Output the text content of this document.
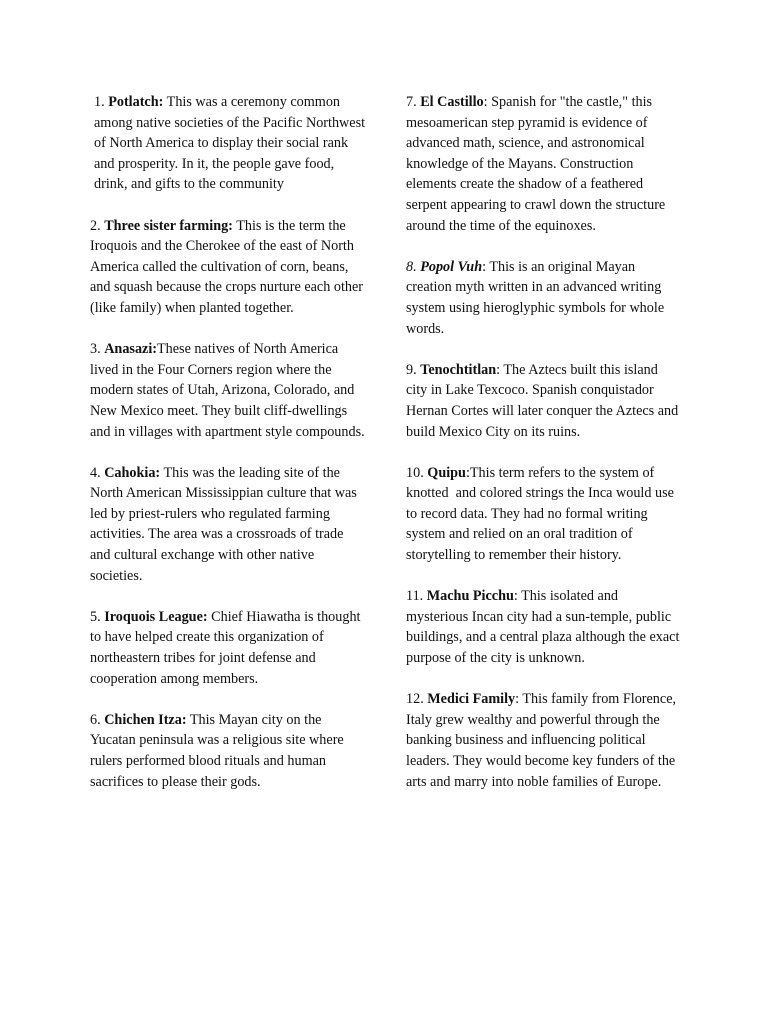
1. Potlatch: This was a ceremony common among native societies of the Pacific Northwest of North America to display their social rank and prosperity. In it, the people gave food, drink, and gifts to the community

2. Three sister farming: This is the term the Iroquois and the Cherokee of the east of North America called the cultivation of corn, beans, and squash because the crops nurture each other (like family) when planted together.

3. Anasazi:These natives of North America lived in the Four Corners region where the modern states of Utah, Arizona, Colorado, and New Mexico meet. They built cliff-dwellings and in villages with apartment style compounds.

4. Cahokia: This was the leading site of the North American Mississippian culture that was led by priest-rulers who regulated farming activities. The area was a crossroads of trade and cultural exchange with other native societies.

5. Iroquois League: Chief Hiawatha is thought to have helped create this organization of northeastern tribes for joint defense and cooperation among members.

6. Chichen Itza: This Mayan city on the Yucatan peninsula was a religious site where rulers performed blood rituals and human sacrifices to please their gods.

7. El Castillo: Spanish for "the castle," this mesoamerican step pyramid is evidence of advanced math, science, and astronomical knowledge of the Mayans. Construction elements create the shadow of a feathered serpent appearing to crawl down the structure around the time of the equinoxes.

8. Popol Vuh: This is an original Mayan creation myth written in an advanced writing system using hieroglyphic symbols for whole words.

9. Tenochtitlan: The Aztecs built this island city in Lake Texcoco. Spanish conquistador Hernan Cortes will later conquer the Aztecs and build Mexico City on its ruins.

10. Quipu:This term refers to the system of knotted  and colored strings the Inca would use to record data. They had no formal writing system and relied on an oral tradition of storytelling to remember their history.

11. Machu Picchu: This isolated and mysterious Incan city had a sun-temple, public buildings, and a central plaza although the exact purpose of the city is unknown.

12. Medici Family: This family from Florence, Italy grew wealthy and powerful through the banking business and influencing political leaders. They would become key funders of the arts and marry into noble families of Europe.
